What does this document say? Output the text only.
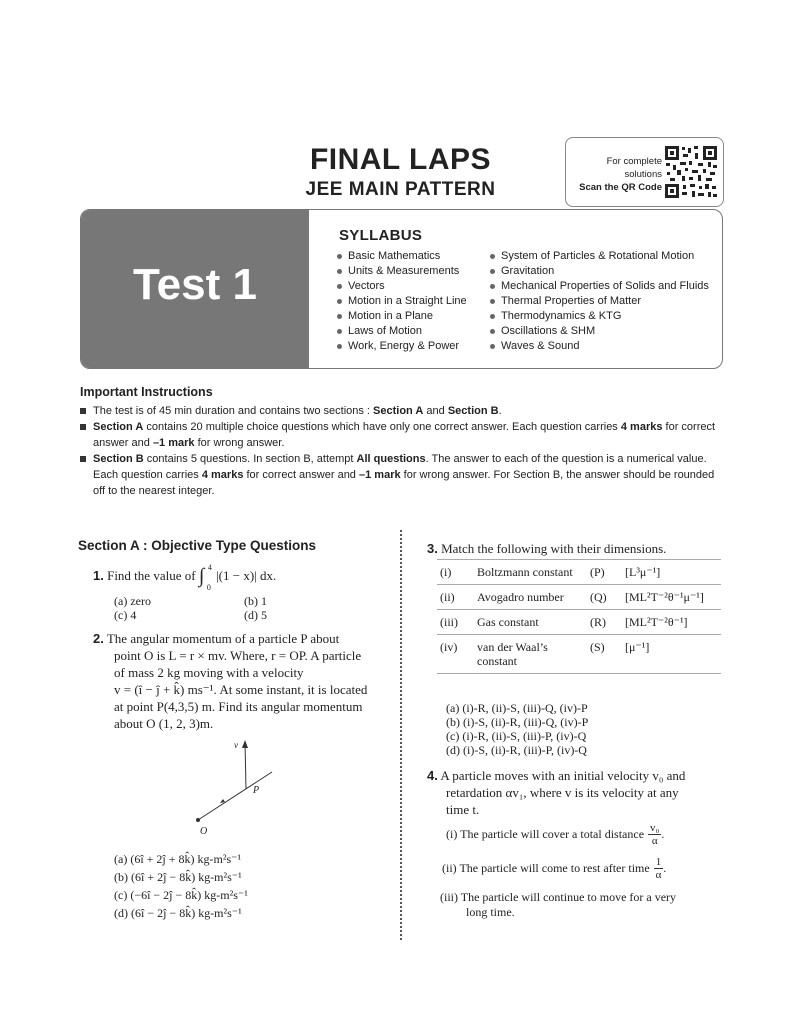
FINAL LAPS
JEE MAIN PATTERN
For complete
solutions
Scan the QR Code
Test 1
SYLLABUS
Basic Mathematics
Units & Measurements
Vectors
Motion in a Straight Line
Motion in a Plane
Laws of Motion
Work, Energy & Power
System of Particles & Rotational Motion
Gravitation
Mechanical Properties of Solids and Fluids
Thermal Properties of Matter
Thermodynamics & KTG
Oscillations & SHM
Waves & Sound
Important Instructions

The test is of 45 min duration and contains two sections : Section A and Section B.

Section A contains 20 multiple choice questions which have only one correct answer. Each question carries 4 marks for correct answer and –1 mark for wrong answer.

Section B contains 5 questions. In section B, attempt All questions. The answer to each of the question is a numerical value. Each question carries 4 marks for correct answer and –1 mark for wrong answer. For Section B, the answer should be rounded off to the nearest integer.

Section A : Objective Type Questions
1. Find the value of ∫ 4
0
|(1 − x)| dx.
(a) zero	(b) 1
(c) 4	(d) 5
2. The angular momentum of a particle P about
point O is L = r × mv. Where, r = OP. A particle
of mass 2 kg moving with a velocity
v = (î − ĵ + k̂) ms⁻¹. At some instant, it is located
at point P(4,3,5) m. Find its angular momentum
about O (1, 2, 3)m.
v
P
O
(a) (6î + 2ĵ + 8k̂) kg-m²s⁻¹
(b) (6î + 2ĵ − 8k̂) kg-m²s⁻¹
(c) (−6î − 2ĵ − 8k̂) kg-m²s⁻¹
(d) (6î − 2ĵ − 8k̂) kg-m²s⁻¹
3. Match the following with their dimensions.
(i)	Boltzmann constant	(P)	[L³μ⁻¹]
(ii)	Avogadro number	(Q)	[ML²T⁻²θ⁻¹μ⁻¹]
(iii)	Gas constant	(R)	[ML²T⁻²θ⁻¹]
(iv)	van der Waal’s constant	(S)	[μ⁻¹]
(a) (i)-R, (ii)-S, (iii)-Q, (iv)-P
(b) (i)-S, (ii)-R, (iii)-Q, (iv)-P
(c) (i)-R, (ii)-S, (iii)-P, (iv)-Q
(d) (i)-S, (ii)-R, (iii)-P, (iv)-Q
4. A particle moves with an initial velocity v₀ and
retardation αv₁, where v is its velocity at any
time t.
(i) The particle will cover a total distance $\frac{\text{v₀}}{\alpha}$ .
(ii) The particle will come to rest after time $\frac{1}{\alpha}$ .
(iii) The particle will continue to move for a very
long time.
